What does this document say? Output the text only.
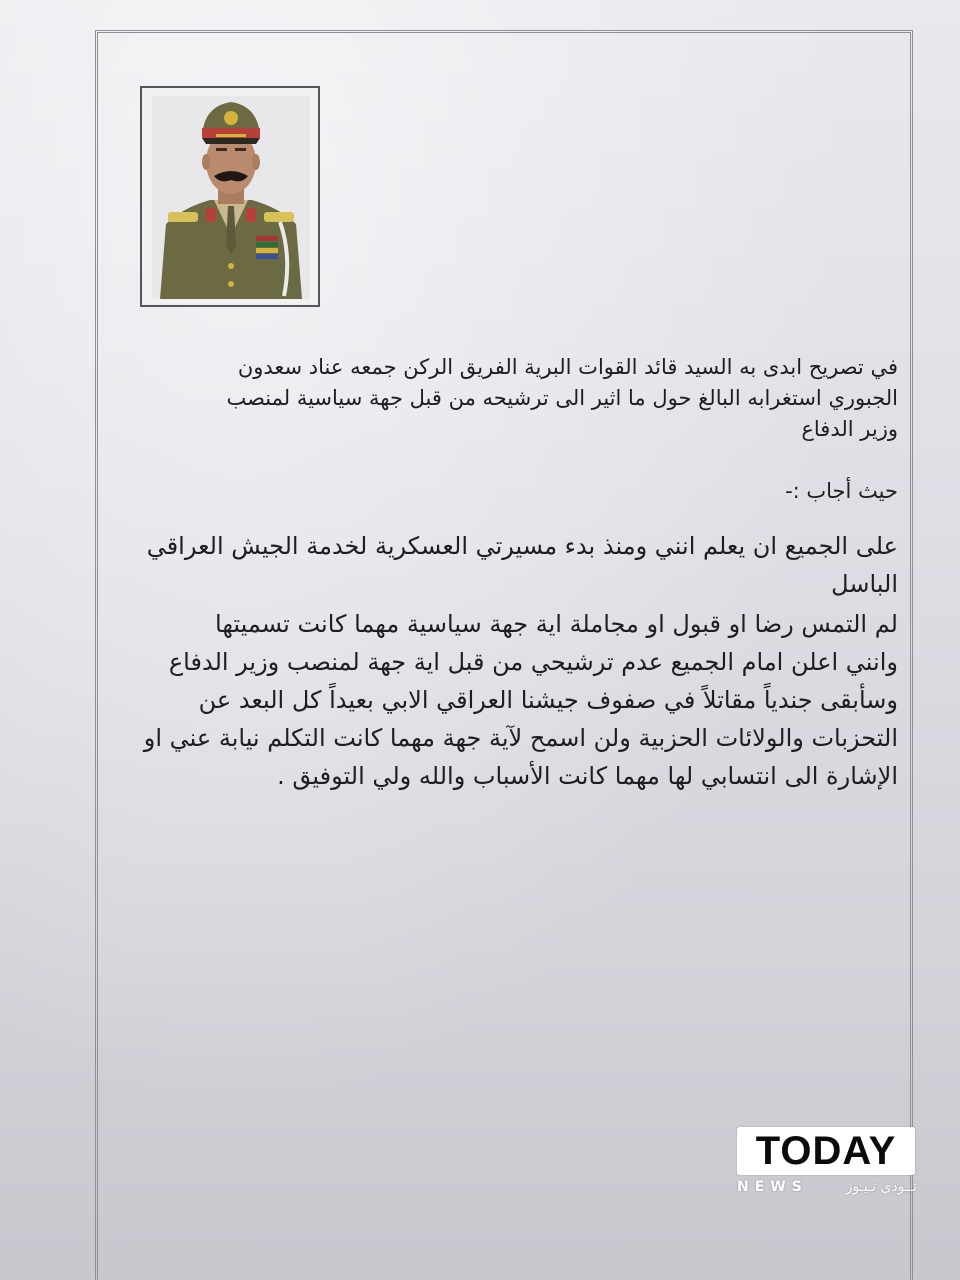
في تصريح ابدى به السيد قائد القوات البرية الفريق الركن جمعه عناد سعدون
الجبوري استغرابه البالغ حول ما اثير الى ترشيحه من قبل جهة سياسية لمنصب
وزير الدفاع
حيث أجاب :-
على الجميع ان يعلم انني ومنذ بدء مسيرتي العسكرية لخدمة الجيش العراقي
الباسل
لم التمس رضا او قبول او مجاملة اية جهة سياسية مهما كانت تسميتها
وانني اعلن امام الجميع عدم ترشيحي من قبل اية جهة لمنصب وزير الدفاع
وسأبقى جندياً مقاتلاً في صفوف جيشنا العراقي الابي بعيداً كل البعد عن
التحزبات والولائات الحزبية ولن اسمح لآية جهة مهما كانت التكلم نيابة عني او
الإشارة الى انتسابي لها مهما كانت الأسباب والله ولي التوفيق .
TODAY
NEWS	تــودي نـيـوز
